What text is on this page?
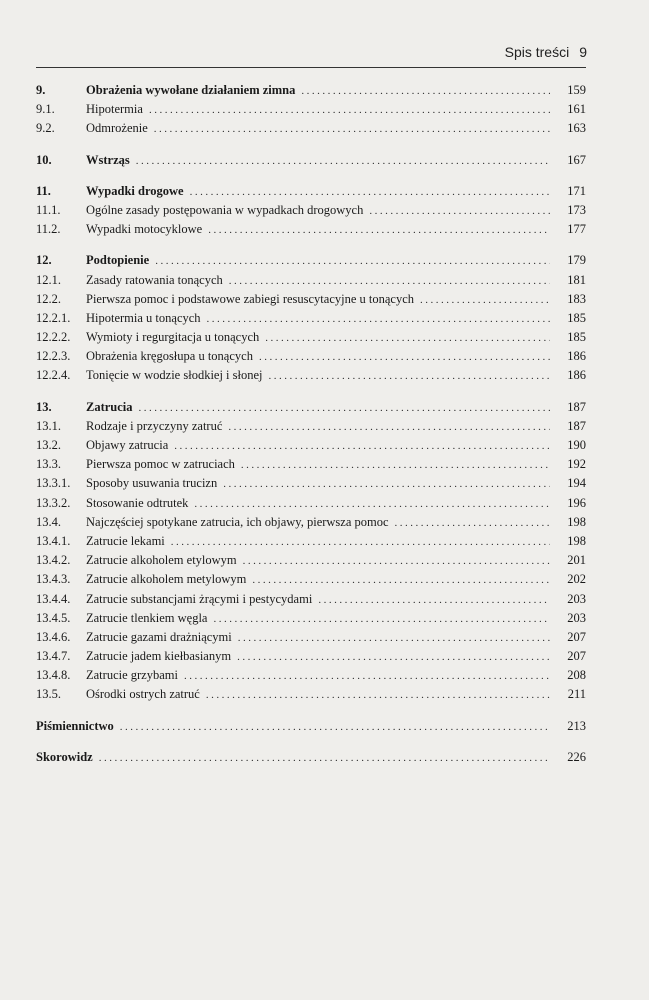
Spis treści 9
9.	Obrażenia wywołane działaniem zimna .....	159
9.1.	Hipotermia .....	161
9.2.	Odmrożenie .....	163
10.	Wstrząs .....	167
11.	Wypadki drogowe .....	171
11.1.	Ogólne zasady postępowania w wypadkach drogowych .....	173
11.2.	Wypadki motocyklowe .....	177
12.	Podtopienie .....	179
12.1.	Zasady ratowania tonących .....	181
12.2.	Pierwsza pomoc i podstawowe zabiegi resuscytacyjne u tonących .....	183
12.2.1.	Hipotermia u tonących .....	185
12.2.2.	Wymioty i regurgitacja u tonących .....	185
12.2.3.	Obrażenia kręgosłupa u tonących .....	186
12.2.4.	Tonięcie w wodzie słodkiej i słonej .....	186
13.	Zatrucia .....	187
13.1.	Rodzaje i przyczyny zatruć .....	187
13.2.	Objawy zatrucia .....	190
13.3.	Pierwsza pomoc w zatruciach .....	192
13.3.1.	Sposoby usuwania trucizn .....	194
13.3.2.	Stosowanie odtrutek .....	196
13.4.	Najczęściej spotykane zatrucia, ich objawy, pierwsza pomoc .....	198
13.4.1.	Zatrucie lekami .....	198
13.4.2.	Zatrucie alkoholem etylowym .....	201
13.4.3.	Zatrucie alkoholem metylowym .....	202
13.4.4.	Zatrucie substancjami żrącymi i pestycydami .....	203
13.4.5.	Zatrucie tlenkiem węgla .....	203
13.4.6.	Zatrucie gazami drażniącymi .....	207
13.4.7.	Zatrucie jadem kiełbasianym .....	207
13.4.8.	Zatrucie grzybami .....	208
13.5.	Ośrodki ostrych zatruć .....	211
Piśmiennictwo .....	213
Skorowidz .....	226
